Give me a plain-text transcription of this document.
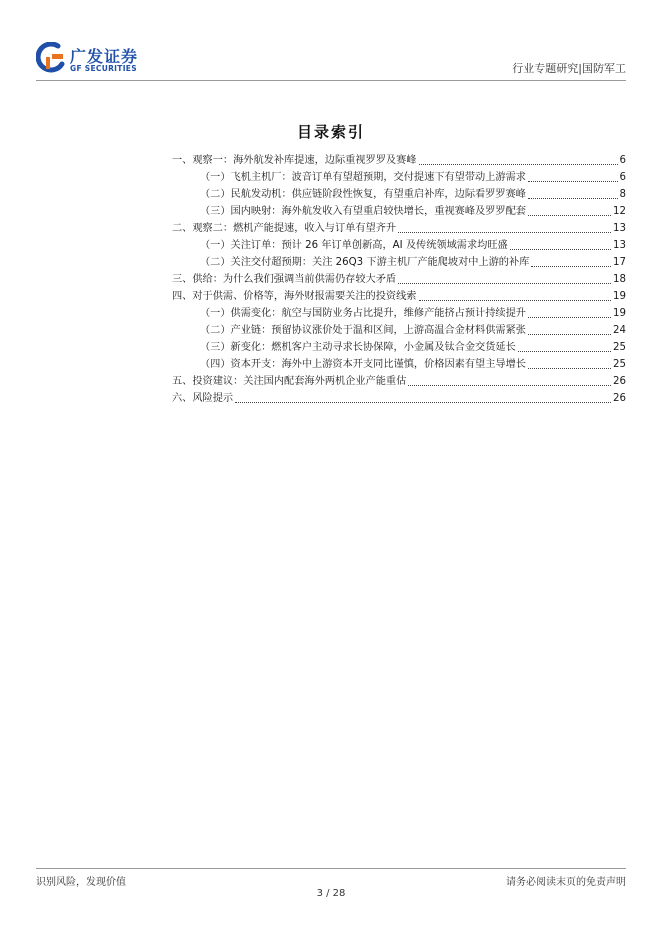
广发证券
GF SECURITIES	行业专题研究|国防军工
目录索引
一、观察一：海外航发补库提速，边际重视罗罗及赛峰	6
（一）飞机主机厂：波音订单有望超预期，交付提速下有望带动上游需求	6
（二）民航发动机：供应链阶段性恢复，有望重启补库，边际看罗罗赛峰	8
（三）国内映射：海外航发收入有望重启较快增长，重视赛峰及罗罗配套	12
二、观察二：燃机产能提速，收入与订单有望齐升	13
（一）关注订单：预计 26 年订单创新高，AI 及传统领域需求均旺盛	13
（二）关注交付超预期：关注 26Q3 下游主机厂产能爬坡对中上游的补库	17
三、供给：为什么我们强调当前供需仍存较大矛盾	18
四、对于供需、价格等，海外财报需要关注的投资线索	19
（一）供需变化：航空与国防业务占比提升，维修产能挤占预计持续提升	19
（二）产业链：预留协议涨价处于温和区间，上游高温合金材料供需紧张	24
（三）新变化：燃机客户主动寻求长协保障，小金属及钛合金交货延长	25
（四）资本开支：海外中上游资本开支同比谨慎，价格因素有望主导增长	25
五、投资建议：关注国内配套海外两机企业产能重估	26
六、风险提示	26
识别风险，发现价值	请务必阅读末页的免责声明
3 / 28
